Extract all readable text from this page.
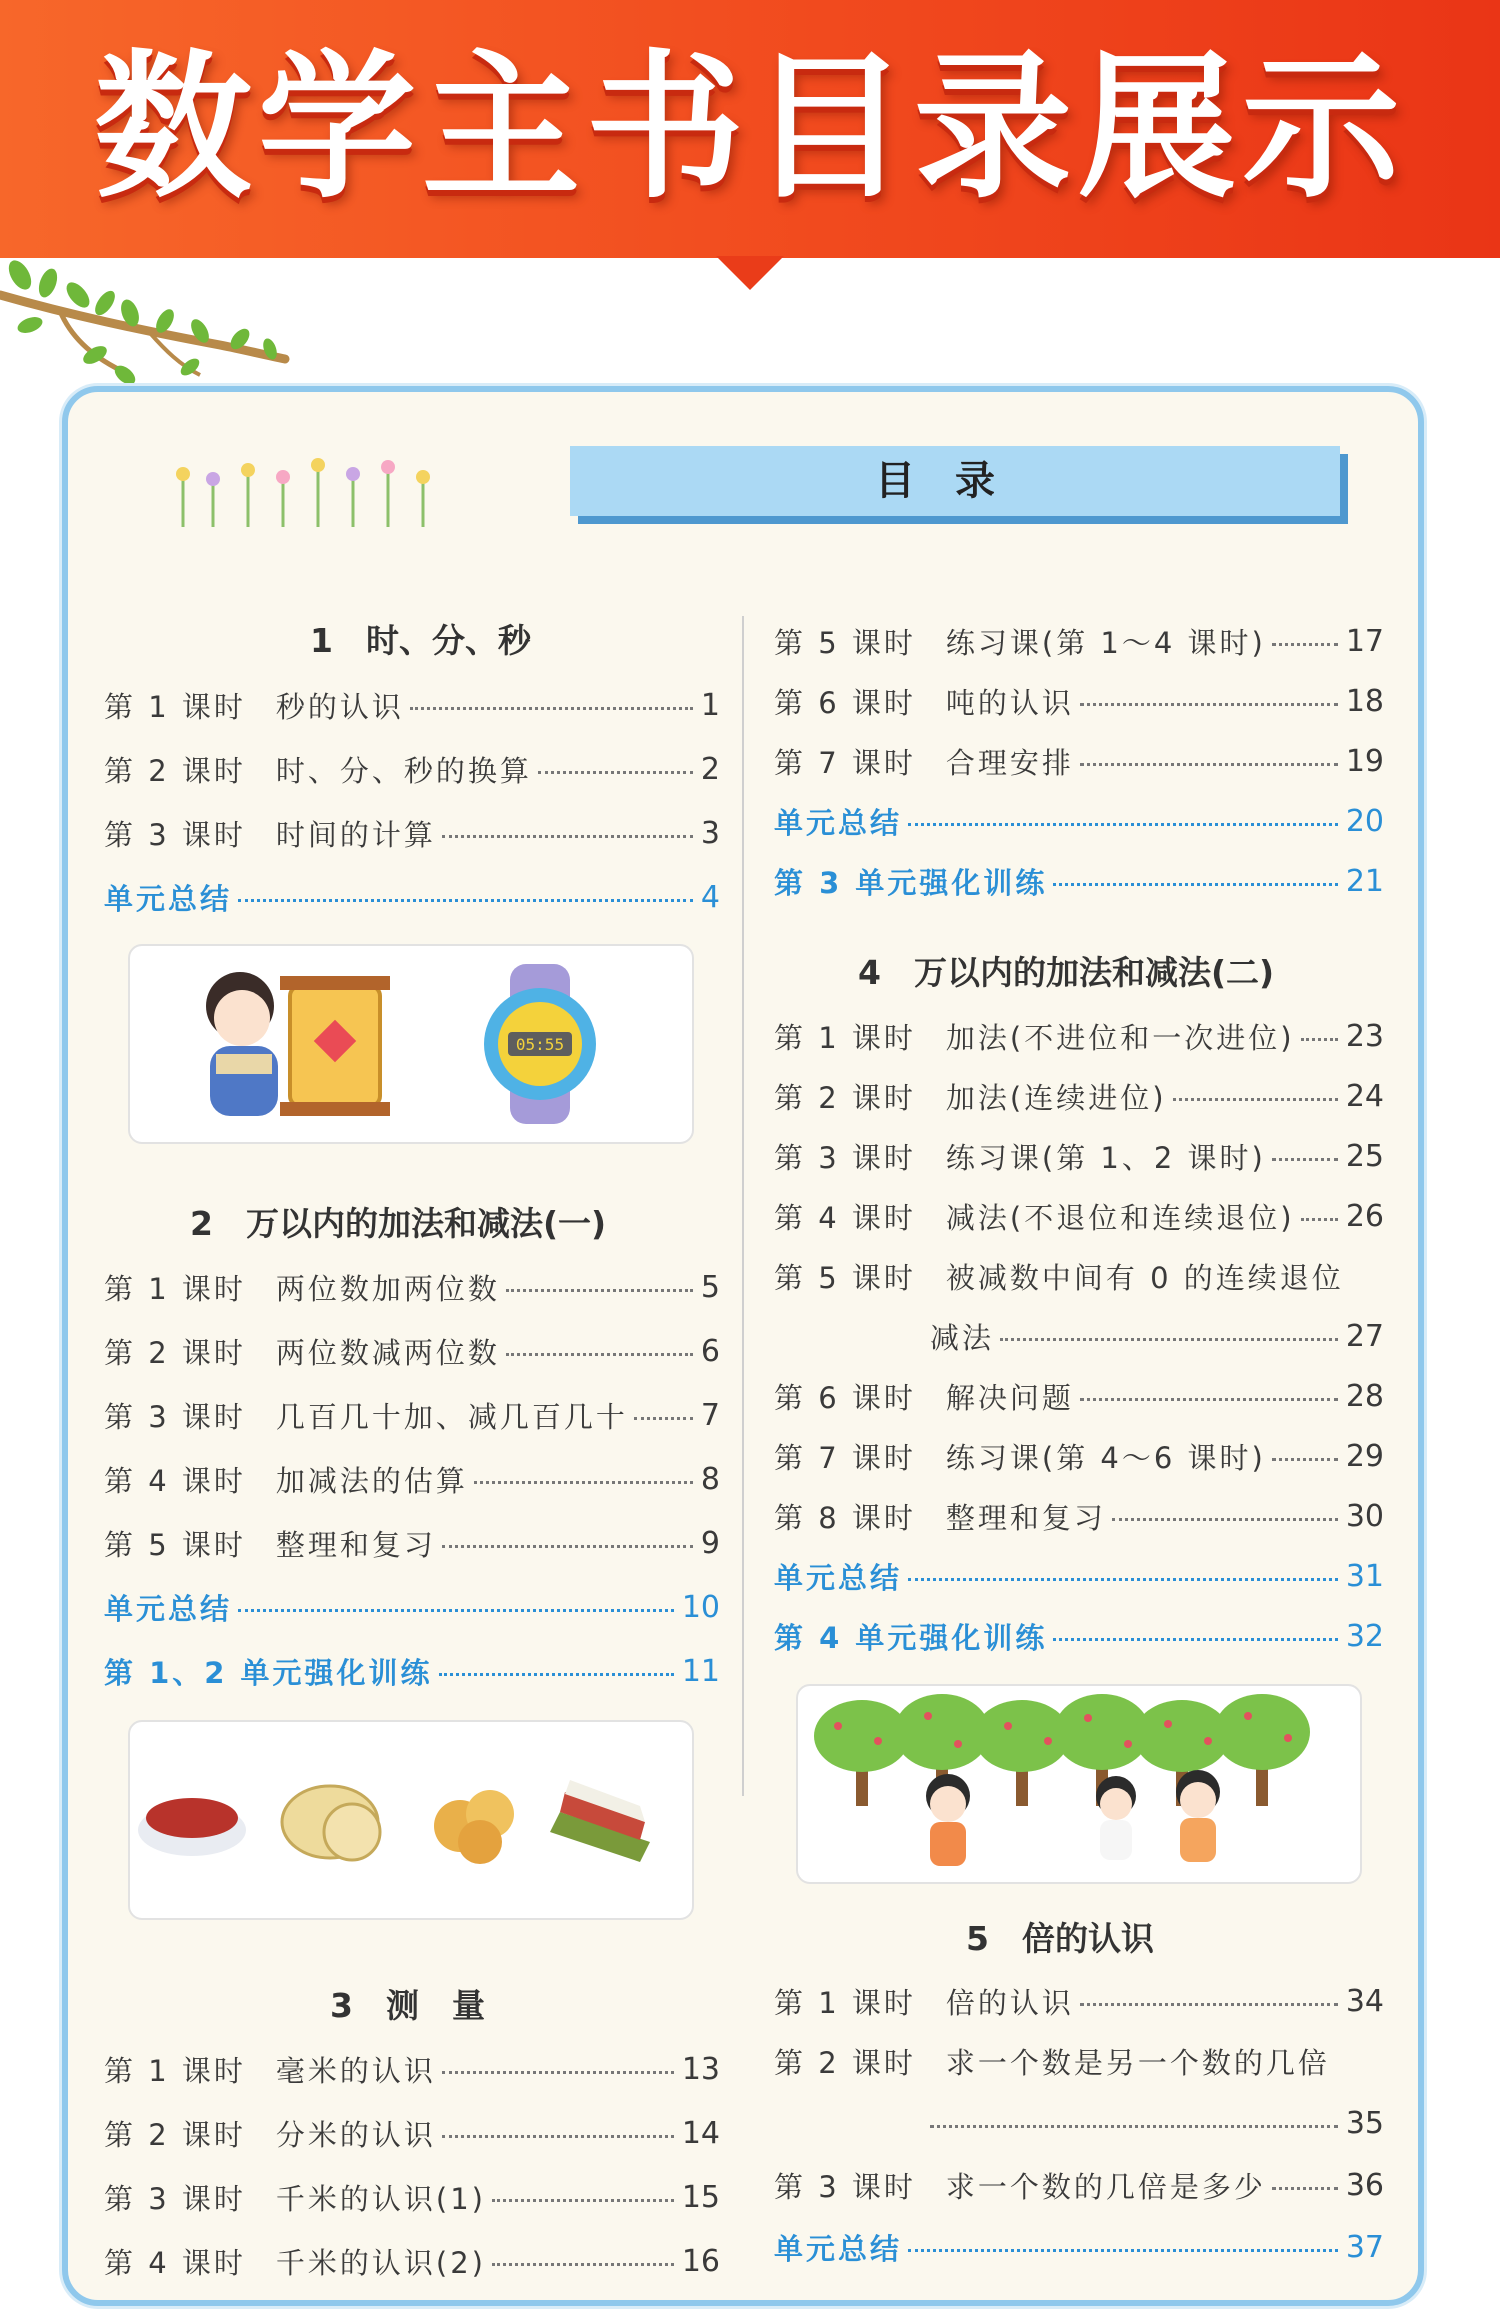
数学主书目录展示
目录
1　时、分、秒
第 1 课时 秒的认识	1
第 2 课时 时、分、秒的换算	2
第 3 课时 时间的计算	3
单元总结	4
05:55
2　万以内的加法和减法(一)
第 1 课时 两位数加两位数	5
第 2 课时 两位数减两位数	6
第 3 课时 几百几十加、减几百几十 7
第 4 课时 加减法的估算	8
第 5 课时 整理和复习	9
单元总结	10
第 1、2 单元强化训练	11
3　测　量
第 1 课时 毫米的认识	13
第 2 课时 分米的认识	14
第 3 课时 千米的认识(1)	15
第 4 课时 千米的认识(2)	16
第 5 课时 练习课(第 1～4 课时)	17
第 6 课时 吨的认识	18
第 7 课时 合理安排	19
单元总结	20
第 3 单元强化训练	21
4　万以内的加法和减法(二)
第 1 课时 加法(不进位和一次进位) 23
第 2 课时 加法(连续进位)	24
第 3 课时 练习课(第 1、2 课时)	25
第 4 课时 减法(不退位和连续退位) 26
第 5 课时 被减数中间有 0 的连续退位
减法	27
第 6 课时 解决问题	28
第 7 课时 练习课(第 4～6 课时)	29
第 8 课时 整理和复习	30
单元总结	31
第 4 单元强化训练	32
5　倍的认识
第 1 课时 倍的认识	34
第 2 课时 求一个数是另一个数的几倍
35
第 3 课时 求一个数的几倍是多少	36
单元总结	37
